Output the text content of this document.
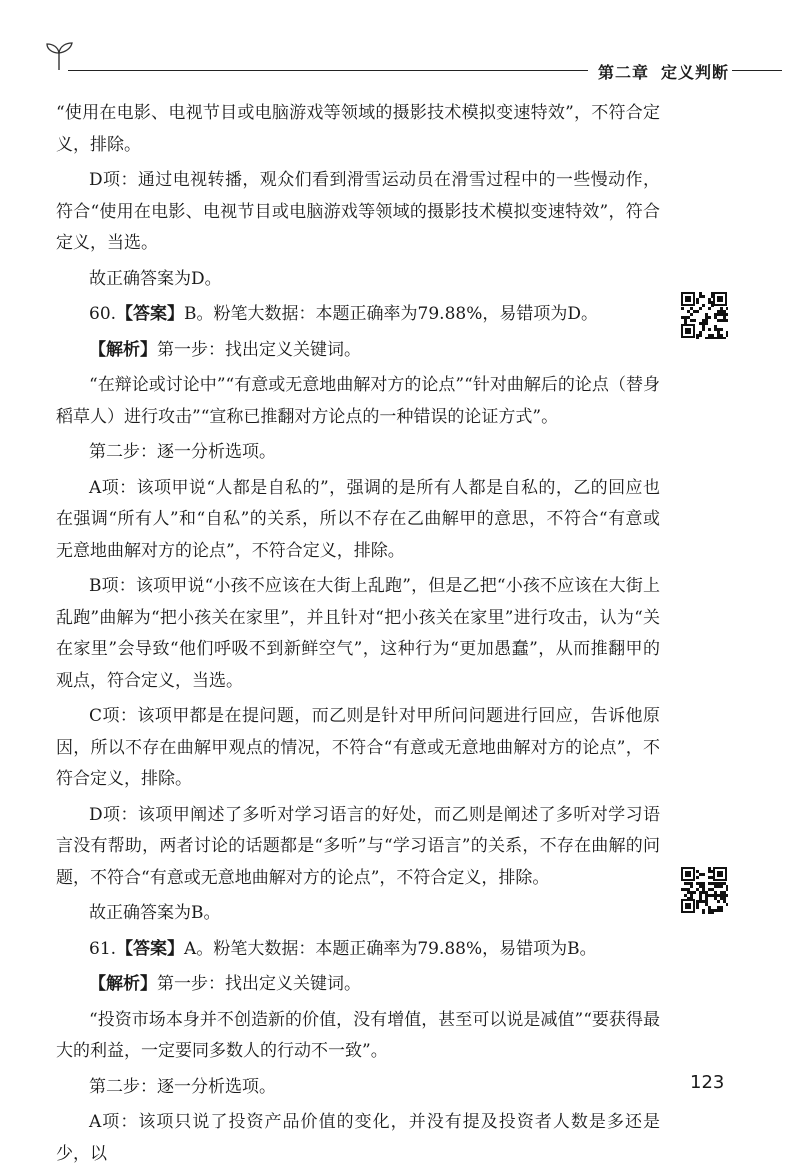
第二章 定义判断

“使用在电影、电视节目或电脑游戏等领域的摄影技术模拟变速特效”，不符合定义，排除。

D项：通过电视转播，观众们看到滑雪运动员在滑雪过程中的一些慢动作，符合“使用在电影、电视节目或电脑游戏等领域的摄影技术模拟变速特效”，符合定义，当选。

故正确答案为D。

60.【答案】B。粉笔大数据：本题正确率为79.88%，易错项为D。

【解析】第一步：找出定义关键词。

“在辩论或讨论中”“有意或无意地曲解对方的论点”“针对曲解后的论点（替身稻草人）进行攻击”“宣称已推翻对方论点的一种错误的论证方式”。

第二步：逐一分析选项。

A项：该项甲说“人都是自私的”，强调的是所有人都是自私的，乙的回应也在强调“所有人”和“自私”的关系，所以不存在乙曲解甲的意思，不符合“有意或无意地曲解对方的论点”，不符合定义，排除。

B项：该项甲说“小孩不应该在大街上乱跑”，但是乙把“小孩不应该在大街上乱跑”曲解为“把小孩关在家里”，并且针对“把小孩关在家里”进行攻击，认为“关在家里”会导致“他们呼吸不到新鲜空气”，这种行为“更加愚蠢”，从而推翻甲的观点，符合定义，当选。

C项：该项甲都是在提问题，而乙则是针对甲所问问题进行回应，告诉他原因，所以不存在曲解甲观点的情况，不符合“有意或无意地曲解对方的论点”，不符合定义，排除。

D项：该项甲阐述了多听对学习语言的好处，而乙则是阐述了多听对学习语言没有帮助，两者讨论的话题都是“多听”与“学习语言”的关系，不存在曲解的问题，不符合“有意或无意地曲解对方的论点”，不符合定义，排除。

故正确答案为B。

61.【答案】A。粉笔大数据：本题正确率为79.88%，易错项为B。

【解析】第一步：找出定义关键词。

“投资市场本身并不创造新的价值，没有增值，甚至可以说是减值”“要获得最大的利益，一定要同多数人的行动不一致”。

第二步：逐一分析选项。

A项：该项只说了投资产品价值的变化，并没有提及投资者人数是多还是少，以

123
